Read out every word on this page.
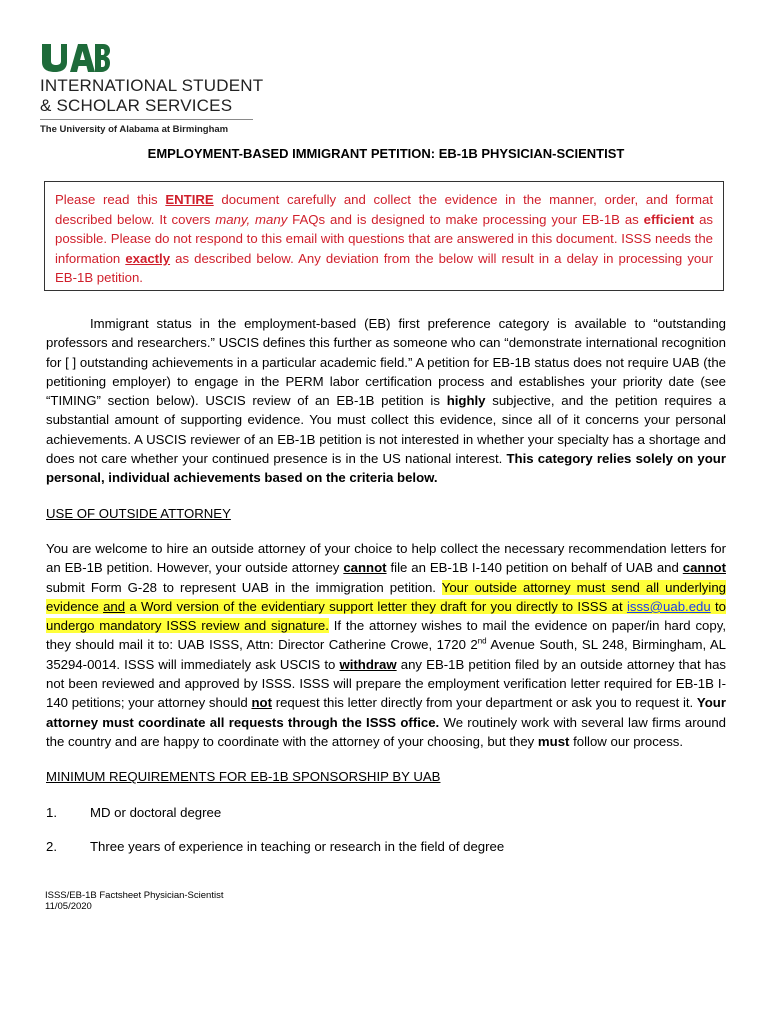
INTERNATIONAL STUDENT
& SCHOLAR SERVICES
The University of Alabama at Birmingham
EMPLOYMENT-BASED IMMIGRANT PETITION: EB-1B PHYSICIAN-SCIENTIST
Please read this ENTIRE document carefully and collect the evidence in the manner, order, and format described below. It covers many, many FAQs and is designed to make processing your EB-1B as efficient as possible. Please do not respond to this email with questions that are answered in this document. ISSS needs the information exactly as described below. Any deviation from the below will result in a delay in processing your EB-1B petition.

Immigrant status in the employment-based (EB) first preference category is available to “outstanding professors and researchers.” USCIS defines this further as someone who can “demonstrate international recognition for [ ] outstanding achievements in a particular academic field.” A petition for EB-1B status does not require UAB (the petitioning employer) to engage in the PERM labor certification process and establishes your priority date (see “TIMING” section below). USCIS review of an EB-1B petition is highly subjective, and the petition requires a substantial amount of supporting evidence. You must collect this evidence, since all of it concerns your personal achievements. A USCIS reviewer of an EB-1B petition is not interested in whether your specialty has a shortage and does not care whether your continued presence is in the US national interest. This category relies solely on your personal, individual achievements based on the criteria below.

USE OF OUTSIDE ATTORNEY

You are welcome to hire an outside attorney of your choice to help collect the necessary recommendation letters for an EB-1B petition. However, your outside attorney cannot file an EB-1B I-140 petition on behalf of UAB and cannot submit Form G-28 to represent UAB in the immigration petition. Your outside attorney must send all underlying evidence and a Word version of the evidentiary support letter they draft for you directly to ISSS at isss@uab.edu to undergo mandatory ISSS review and signature. If the attorney wishes to mail the evidence on paper/in hard copy, they should mail it to: UAB ISSS, Attn: Director Catherine Crowe, 1720 2nd Avenue South, SL 248, Birmingham, AL 35294-0014. ISSS will immediately ask USCIS to withdraw any EB-1B petition filed by an outside attorney that has not been reviewed and approved by ISSS. ISSS will prepare the employment verification letter required for EB-1B I-140 petitions; your attorney should not request this letter directly from your department or ask you to request it. Your attorney must coordinate all requests through the ISSS office. We routinely work with several law firms around the country and are happy to coordinate with the attorney of your choosing, but they must follow our process.

MINIMUM REQUIREMENTS FOR EB-1B SPONSORSHIP BY UAB

1.	MD or doctoral degree

2.	Three years of experience in teaching or research in the field of degree

ISSS/EB-1B Factsheet Physician-Scientist
11/05/2020
